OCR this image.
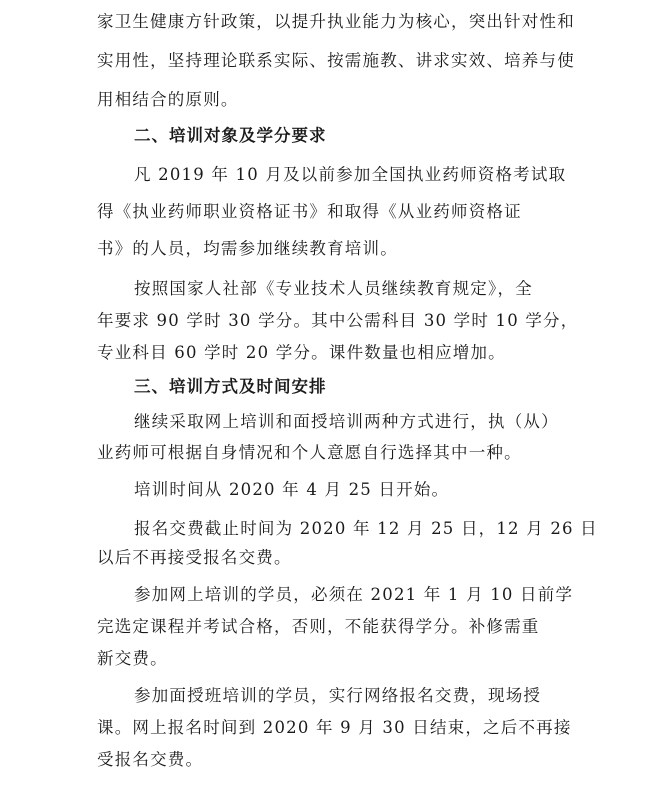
家卫生健康方针政策，以提升执业能力为核心，突出针对性和
实用性，坚持理论联系实际、按需施教、讲求实效、培养与使
用相结合的原则。
二、培训对象及学分要求
凡 2019 年 10 月及以前参加全国执业药师资格考试取
得《执业药师职业资格证书》和取得《从业药师资格证
书》的人员，均需参加继续教育培训。
按照国家人社部《专业技术人员继续教育规定》，全
年要求 90 学时 30 学分。其中公需科目 30 学时 10 学分，
专业科目 60 学时 20 学分。课件数量也相应增加。
三、培训方式及时间安排
继续采取网上培训和面授培训两种方式进行，执（从）
业药师可根据自身情况和个人意愿自行选择其中一种。
培训时间从 2020 年 4 月 25 日开始。
报名交费截止时间为 2020 年 12 月 25 日，12 月 26 日
以后不再接受报名交费。
参加网上培训的学员，必须在 2021 年 1 月 10 日前学
完选定课程并考试合格，否则，不能获得学分。补修需重
新交费。
参加面授班培训的学员，实行网络报名交费，现场授
课。网上报名时间到 2020 年 9 月 30 日结束，之后不再接
受报名交费。
